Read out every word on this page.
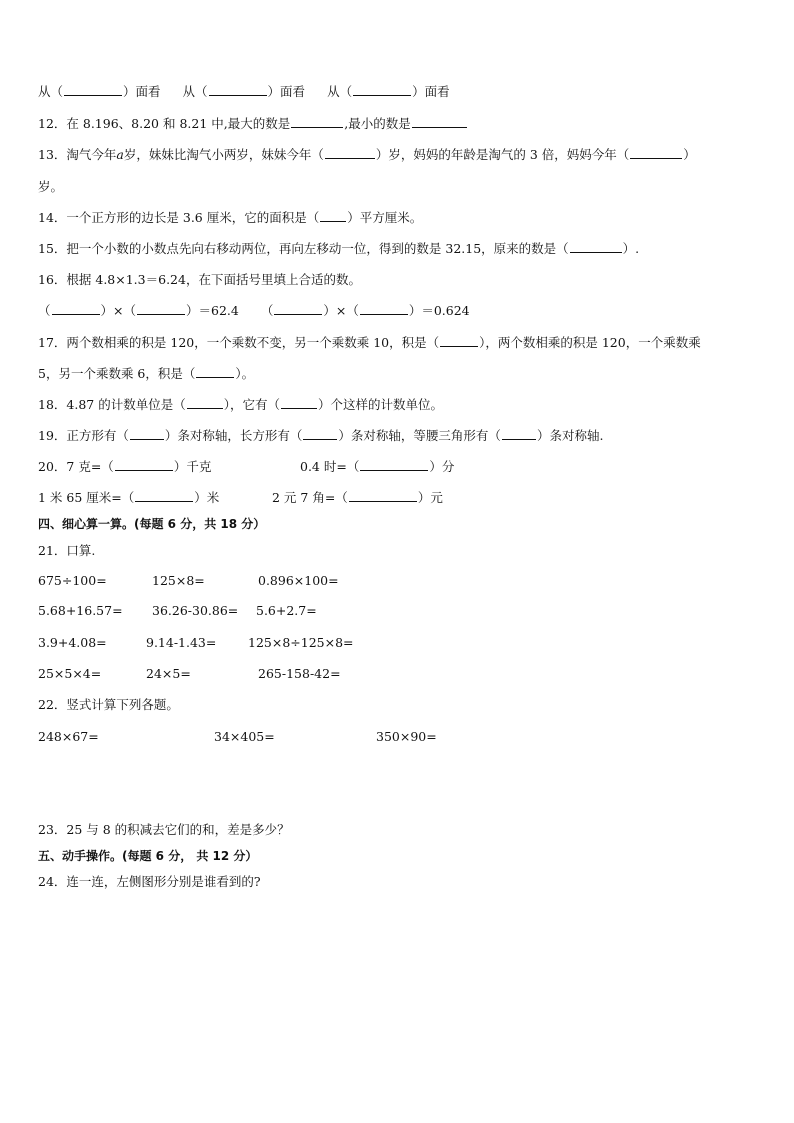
从（	）面看 从（	）面看 从（	）面看
12．在 8.196、8.20 和 8.21 中,最大的数是	,最小的数是
13．淘气今年a岁，妹妹比淘气小两岁，妹妹今年（	）岁，妈妈的年龄是淘气的 3 倍，妈妈今年（	）
岁。
14．一个正方形的边长是 3.6 厘米，它的面积是（ ）平方厘米。
15．把一个小数的小数点先向右移动两位，再向左移动一位，得到的数是 32.15，原来的数是（	）.
16．根据 4.8×1.3＝6.24，在下面括号里填上合适的数。
（	）×（	）＝62.4 （	）×（	）＝0.624
17．两个数相乘的积是 120，一个乘数不变，另一个乘数乘 10，积是（	），两个数相乘的积是 120，一个乘数乘
5，另一个乘数乘 6，积是（	）。
18．4.87 的计数单位是（	），它有（	）个这样的计数单位。
19．正方形有（	）条对称轴，长方形有（	）条对称轴，等腰三角形有（	）条对称轴.
20．7 克=（	）千克	0.4 时=（	）分
1 米 65 厘米=（	）米	2 元 7 角=（	）元
四、细心算一算。(每题 6 分，共 18 分）
21．口算.
675÷100=	125×8=	0.896×100=
5.68+16.57= 36.26-30.86= 5.6+2.7=
3.9+4.08=	9.14-1.43=	125×8÷125×8=
25×5×4=	24×5=	265-158-42=
22．竖式计算下列各题。
248×67=	34×405=	350×90=
23．25 与 8 的积减去它们的和，差是多少？
五、动手操作。(每题 6 分， 共 12 分）
24．连一连，左侧图形分别是谁看到的?
